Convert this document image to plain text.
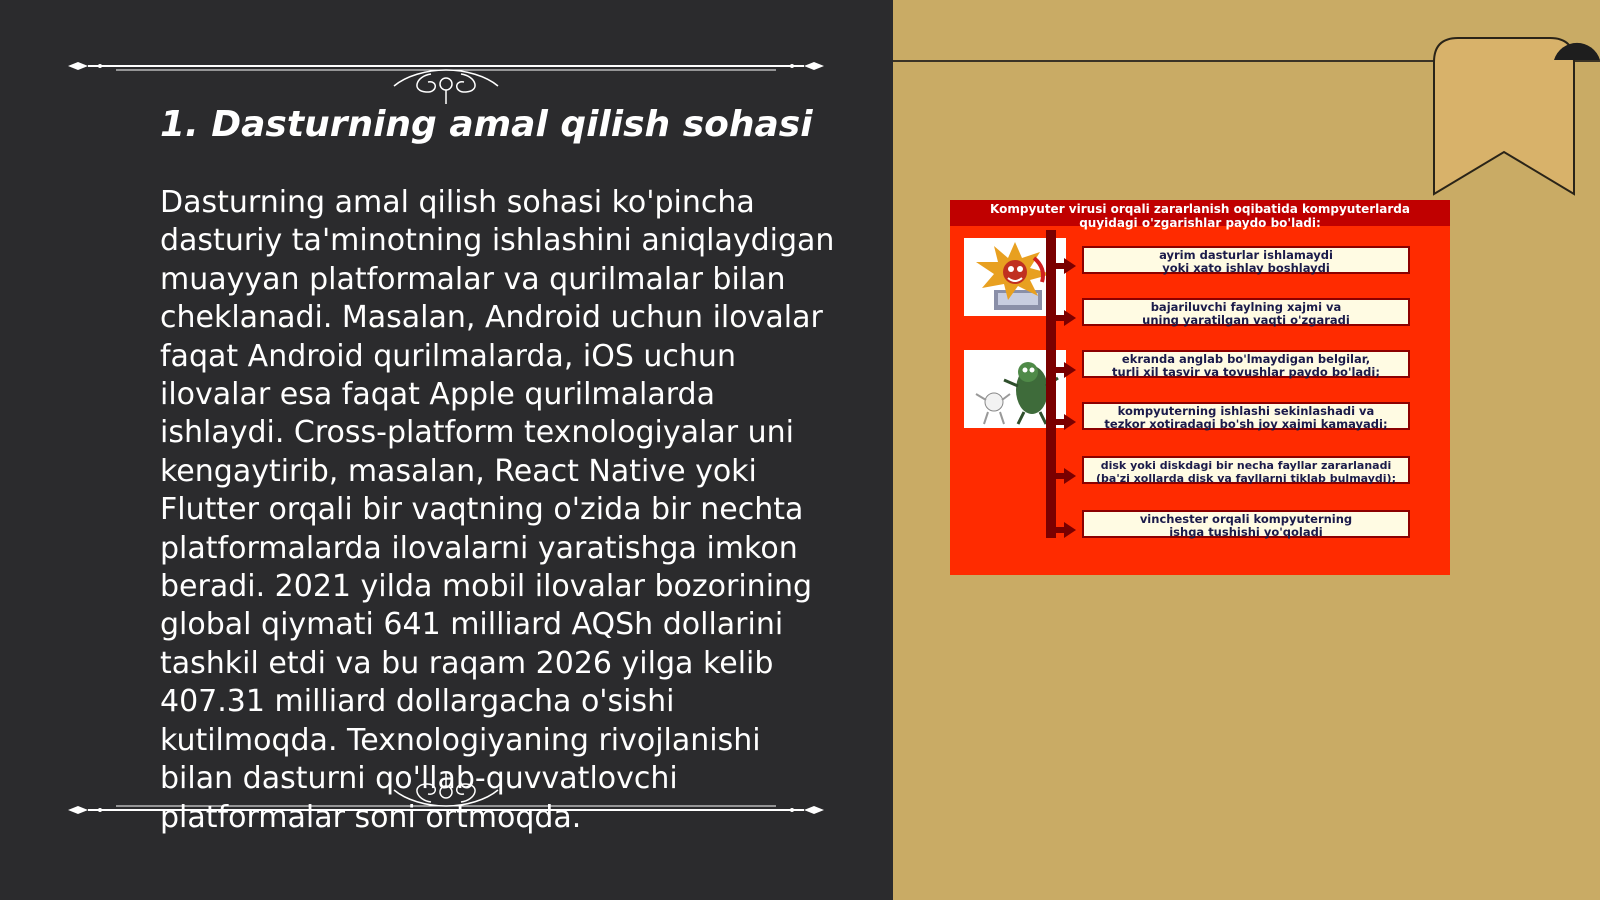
1. Dasturning amal qilish sohasi

Dasturning amal qilish sohasi ko'pincha dasturiy ta'minotning ishlashini aniqlaydigan muayyan platformalar va qurilmalar bilan cheklanadi. Masalan, Android uchun ilovalar faqat Android qurilmalarda, iOS uchun ilovalar esa faqat Apple qurilmalarda ishlaydi. Cross-platform texnologiyalar uni kengaytirib, masalan, React Native yoki Flutter orqali bir vaqtning o'zida bir nechta platformalarda ilovalarni yaratishga imkon beradi. 2021 yilda mobil ilovalar bozorining global qiymati 641 milliard AQSh dollarini tashkil etdi va bu raqam 2026 yilga kelib 407.31 milliard dollargacha o'sishi kutilmoqda. Texnologiyaning rivojlanishi bilan dasturni qo'llab-quvvatlovchi platformalar soni ortmoqda.

Kompyuter virusi orqali zararlanish oqibatida kompyuterlarda
quyidagi o'zgarishlar paydo bo'ladi:
ayrim dasturlar ishlamaydi
yoki xato ishlay boshlaydi
bajariluvchi faylning xajmi va
uning yaratilgan vaqti o'zgaradi
ekranda anglab bo'lmaydigan belgilar,
turli xil tasvir va tovushlar paydo bo'ladi;
kompyuterning ishlashi sekinlashadi va
tezkor xotiradagi bo'sh joy xajmi kamayadi;
disk yoki diskdagi bir necha fayllar zararlanadi
(ba'zi xollarda disk va fayllarni tiklab bulmaydi);
vinchester orqali kompyuterning
ishga tushishi yo'qoladi
